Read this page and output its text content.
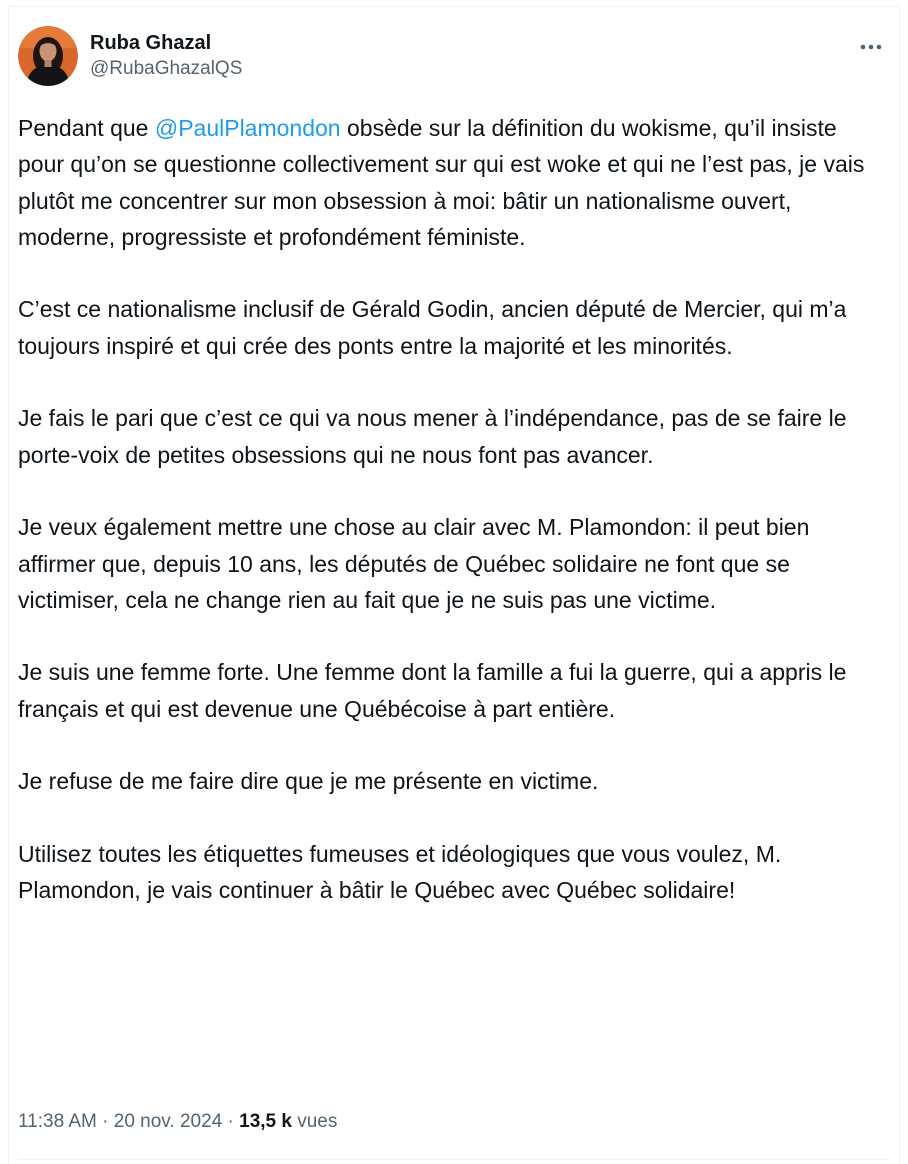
Ruba Ghazal
@RubaGhazalQS

Pendant que @PaulPlamondon obsède sur la définition du wokisme, qu’il insiste pour qu’on se questionne collectivement sur qui est woke et qui ne l’est pas, je vais plutôt me concentrer sur mon obsession à moi: bâtir un nationalisme ouvert, moderne, progressiste et profondément féministe.

C’est ce nationalisme inclusif de Gérald Godin, ancien député de Mercier, qui m’a toujours inspiré et qui crée des ponts entre la majorité et les minorités.

Je fais le pari que c’est ce qui va nous mener à l’indépendance, pas de se faire le porte-voix de petites obsessions qui ne nous font pas avancer.

Je veux également mettre une chose au clair avec M. Plamondon: il peut bien affirmer que, depuis 10 ans, les députés de Québec solidaire ne font que se victimiser, cela ne change rien au fait que je ne suis pas une victime.

Je suis une femme forte. Une femme dont la famille a fui la guerre, qui a appris le français et qui est devenue une Québécoise à part entière.

Je refuse de me faire dire que je me présente en victime.

Utilisez toutes les étiquettes fumeuses et idéologiques que vous voulez, M. Plamondon, je vais continuer à bâtir le Québec avec Québec solidaire!

11:38 AM · 20 nov. 2024 · 13,5 k vues
